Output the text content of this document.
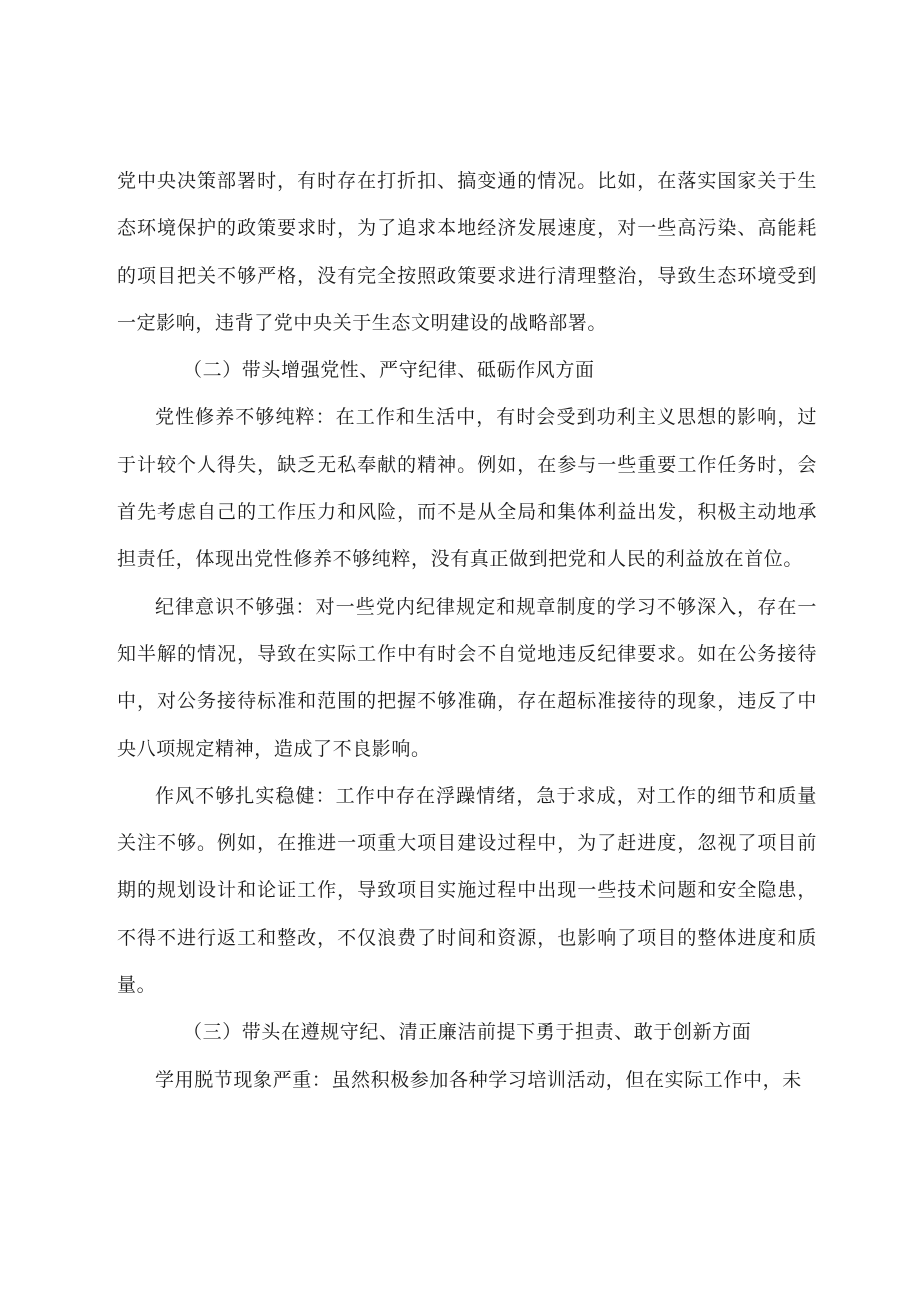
党中央决策部署时，有时存在打折扣、搞变通的情况。比如，在落实国家关于生态环境保护的政策要求时，为了追求本地经济发展速度，对一些高污染、高能耗的项目把关不够严格，没有完全按照政策要求进行清理整治，导致生态环境受到一定影响，违背了党中央关于生态文明建设的战略部署。

（二）带头增强党性、严守纪律、砥砺作风方面

党性修养不够纯粹：在工作和生活中，有时会受到功利主义思想的影响，过于计较个人得失，缺乏无私奉献的精神。例如，在参与一些重要工作任务时，会首先考虑自己的工作压力和风险，而不是从全局和集体利益出发，积极主动地承担责任，体现出党性修养不够纯粹，没有真正做到把党和人民的利益放在首位。

纪律意识不够强：对一些党内纪律规定和规章制度的学习不够深入，存在一知半解的情况，导致在实际工作中有时会不自觉地违反纪律要求。如在公务接待中，对公务接待标准和范围的把握不够准确，存在超标准接待的现象，违反了中央八项规定精神，造成了不良影响。

作风不够扎实稳健：工作中存在浮躁情绪，急于求成，对工作的细节和质量关注不够。例如，在推进一项重大项目建设过程中，为了赶进度，忽视了项目前期的规划设计和论证工作，导致项目实施过程中出现一些技术问题和安全隐患，不得不进行返工和整改，不仅浪费了时间和资源，也影响了项目的整体进度和质量。

（三）带头在遵规守纪、清正廉洁前提下勇于担责、敢于创新方面

学用脱节现象严重：虽然积极参加各种学习培训活动，但在实际工作中，未
